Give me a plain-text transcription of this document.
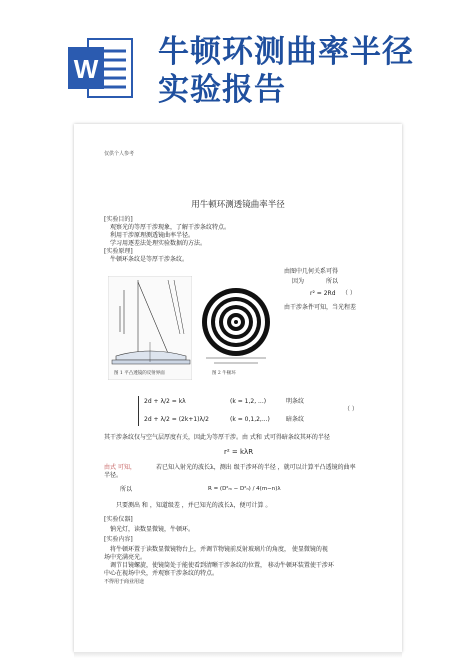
W 牛顿环测曲率半径
实验报告
仅供个人参考
用牛顿环测透镜曲率半径
[实验目的]
观察光的等厚干涉现象，了解干涉条纹特点。
利用干涉原理测透镜曲率半径。
学习用逐差法处理实验数据的方法。
[实验原理]
牛顿环条纹是等厚干涉条纹。
由图中几何关系可得
因为	所以
r² = 2Rd （ ）
由干涉条件可知，当光程差
图 1 平凸透镜的反射界面	图 2 牛顿环
2d + λ/2 = kλ	(k = 1,2, ...)	明条纹
（ ）
2d + λ/2 = (2k+1)λ/2	(k = 0,1,2,...)	暗条纹
其干涉条纹仅与空气层厚度有关，因此为等厚干涉。由 式和 式可得暗条纹其环的半径
r² = kλR
由式 可知，	若已知入射光的波长λ，测出 级干涉环的半径 ，就可以计算平凸透镜的曲率
半径。
所以	R = (D²ₘ − D²ₙ) / 4(m−n)λ
只要测出 和 ，知道级差 ，并已知光的波长λ，便可计算 。
[实验仪器]
钠光灯，读数显微镜，牛顿环。
[实验内容]
将牛顿环置于读数显微镜物台上，并调节物镜前反射玻璃片的角度， 使显微镜的视
场中充满亮光。
调节目镜螺旋，使镜筒处于能使看到清晰干涉条纹的位置， 移动牛顿环装置使干涉环
中心在视场中央，并观察干涉条纹的特点。
不得用于商业用途
